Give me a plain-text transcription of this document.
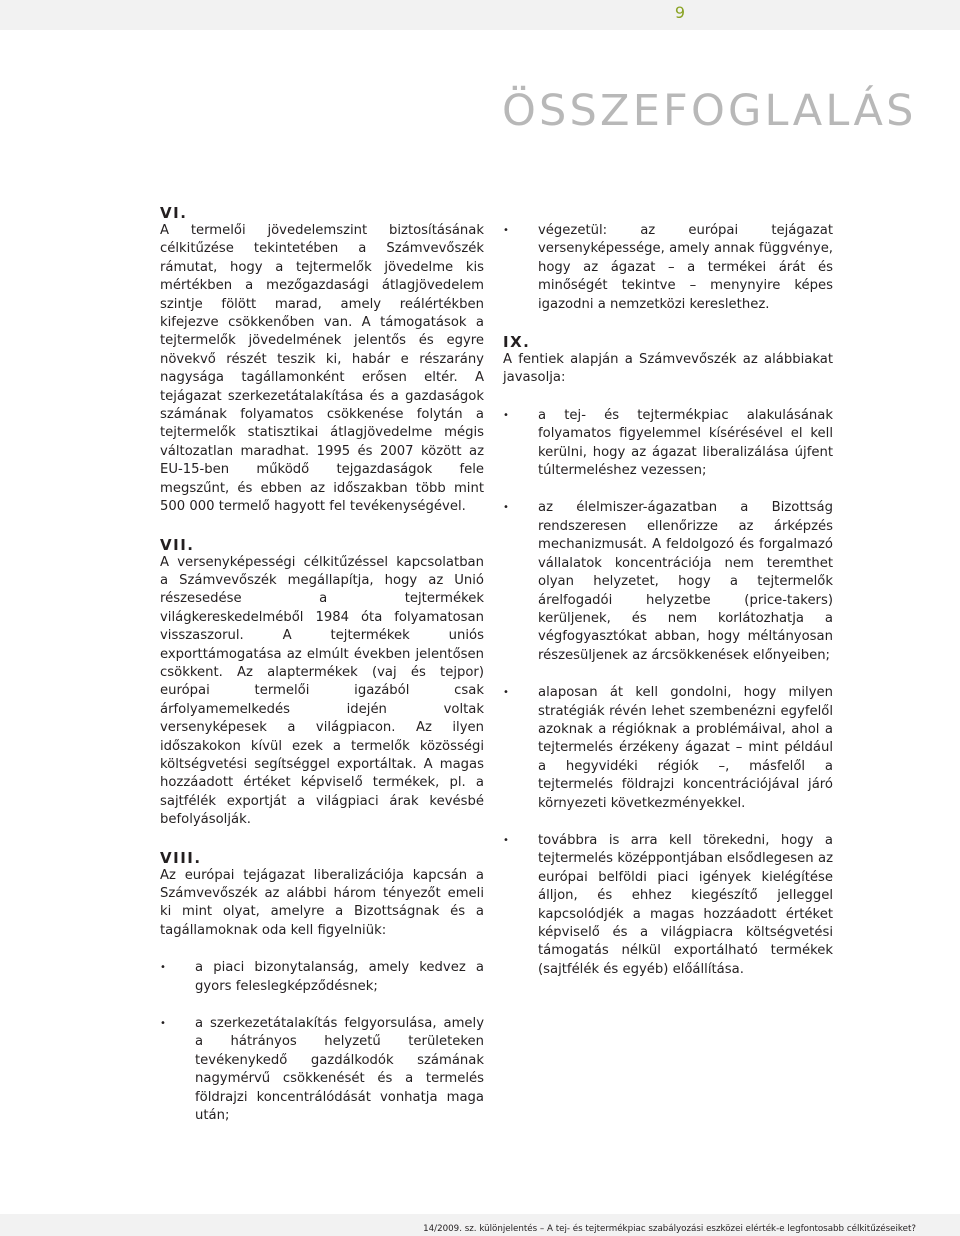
9
ÖSSZEFOGLALÁS
VI.

A termelői jövedelemszint biztosításának célkitűzése tekintetében a Számvevőszék rámutat, hogy a tejtermelők jövedelme kis mértékben a mezőgazdasági átlagjövedelem szintje fölött marad, amely reálértékben kifejezve csökkenőben van. A támogatások a tejtermelők jövedelmének jelentős és egyre növekvő részét teszik ki, habár e részarány nagysága tagállamonként erősen eltér. A tejágazat szerkezetátalakítása és a gazdaságok számának folyamatos csökkenése folytán a tejtermelők statisztikai átlagjövedelme mégis változatlan maradhat. 1995 és 2007 között az EU-15-ben működő tejgazdaságok fele megszűnt, és ebben az időszakban több mint 500 000 termelő hagyott fel tevékenységével.

VII.

A versenyképességi célkitűzéssel kapcsolatban a Számvevőszék megállapítja, hogy az Unió részesedése a tejtermékek világkereskedelméből 1984 óta folyamatosan visszaszorul. A tejtermékek uniós exporttámogatása az elmúlt években jelentősen csökkent. Az alaptermékek (vaj és tejpor) európai termelői igazából csak árfolyamemelkedés idején voltak versenyképesek a világpiacon. Az ilyen időszakokon kívül ezek a termelők közösségi költségvetési segítséggel exportáltak. A magas hozzáadott értéket képviselő termékek, pl. a sajtfélék exportját a világpiaci árak kevésbé befolyásolják.

VIII.

Az európai tejágazat liberalizációja kapcsán a Számvevőszék az alábbi három tényezőt emeli ki mint olyat, amelyre a Bizottságnak és a tagállamoknak oda kell figyelniük:

• a piaci bizonytalanság, amely kedvez a gyors feleslegképződésnek;
• a szerkezetátalakítás felgyorsulása, amely a hátrányos helyzetű területeken tevékenykedő gazdálkodók számának nagymérvű csökkenését és a termelés földrajzi koncentrálódását vonhatja maga után;
• végezetül: az európai tejágazat versenyképessége, amely annak függvénye, hogy az ágazat – a termékei árát és minőségét tekintve – menynyire képes igazodni a nemzetközi kereslethez.
IX.

A fentiek alapján a Számvevőszék az alábbiakat javasolja:

• a tej- és tejtermékpiac alakulásának folyamatos figyelemmel kísérésével el kell kerülni, hogy az ágazat liberalizálása újfent túltermeléshez vezessen;
• az élelmiszer-ágazatban a Bizottság rendszeresen ellenőrizze az árképzés mechanizmusát. A feldolgozó és forgalmazó vállalatok koncentrációja nem teremthet olyan helyzetet, hogy a tejtermelők árelfogadói helyzetbe (price-takers) kerüljenek, és nem korlátozhatja a végfogyasztókat abban, hogy méltányosan részesüljenek az árcsökkenések előnyeiben;
• alaposan át kell gondolni, hogy milyen stratégiák révén lehet szembenézni egyfelől azoknak a régióknak a problémáival, ahol a tejtermelés érzékeny ágazat – mint például a hegyvidéki régiók –, másfelől a tejtermelés földrajzi koncentrációjával járó környezeti következményekkel.
• továbbra is arra kell törekedni, hogy a tejtermelés középpontjában elsődlegesen az európai belföldi piaci igények kielégítése álljon, és ehhez kiegészítő jelleggel kapcsolódjék a magas hozzáadott értéket képviselő és a világpiacra költségvetési támogatás nélkül exportálható termékek (sajtfélék és egyéb) előállítása.
14/2009. sz. különjelentés – A tej- és tejtermékpiac szabályozási eszközei elérték-e legfontosabb célkitűzéseiket?
